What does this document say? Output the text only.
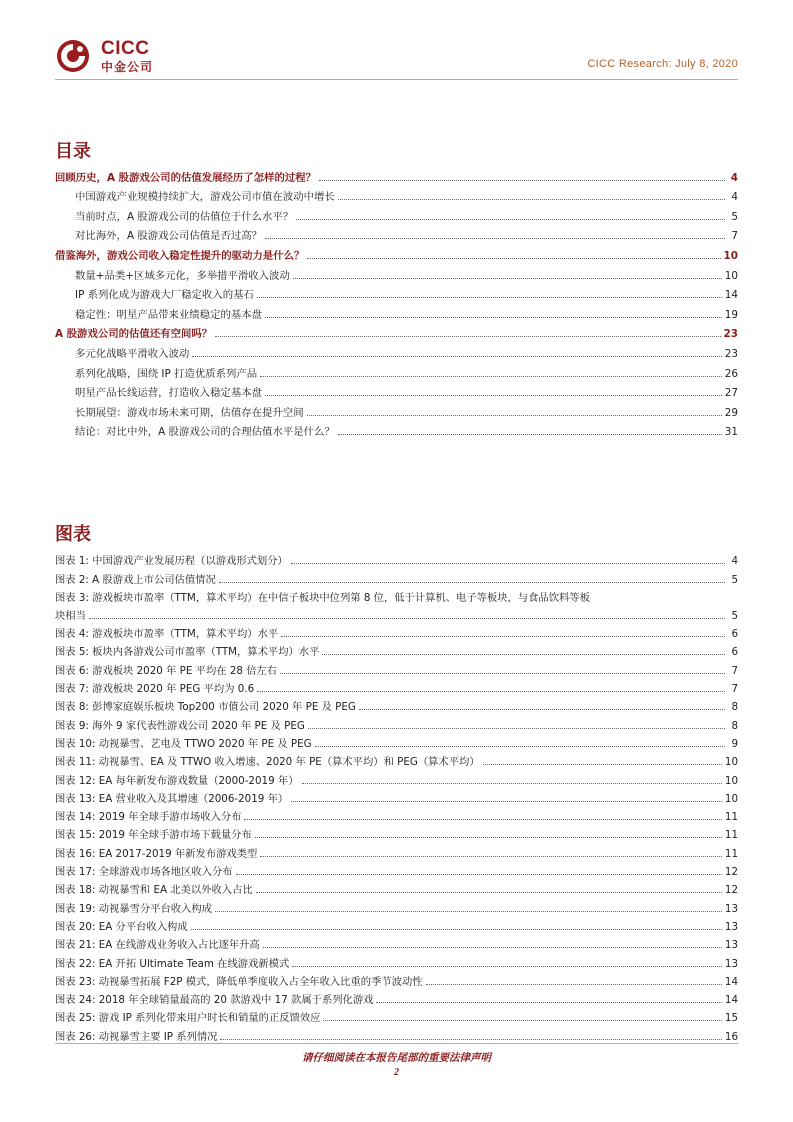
CICC
中金公司	CICC Research: July 8, 2020
目录
回顾历史，A 股游戏公司的估值发展经历了怎样的过程？	4
中国游戏产业规模持续扩大，游戏公司市值在波动中增长	4
当前时点，A 股游戏公司的估值位于什么水平？	5
对比海外，A 股游戏公司估值是否过高？	7
借鉴海外，游戏公司收入稳定性提升的驱动力是什么？	10
数量+品类+区域多元化，多举措平滑收入波动	10
IP 系列化成为游戏大厂稳定收入的基石	14
稳定性：明星产品带来业绩稳定的基本盘	19
A 股游戏公司的估值还有空间吗？	23
多元化战略平滑收入波动	23
系列化战略，围绕 IP 打造优质系列产品	26
明星产品长线运营，打造收入稳定基本盘	27
长期展望：游戏市场未来可期，估值存在提升空间	29
结论：对比中外，A 股游戏公司的合理估值水平是什么？	31
图表
图表 1: 中国游戏产业发展历程（以游戏形式划分）	4
图表 2: A 股游戏上市公司估值情况	5
图表 3: 游戏板块市盈率（TTM，算术平均）在中信子板块中位列第 8 位，低于计算机、电子等板块，与食品饮料等板
块相当	5
图表 4: 游戏板块市盈率（TTM，算术平均）水平	6
图表 5: 板块内各游戏公司市盈率（TTM，算术平均）水平	6
图表 6: 游戏板块 2020 年 PE 平均在 28 倍左右	7
图表 7: 游戏板块 2020 年 PEG 平均为 0.6	7
图表 8: 彭博家庭娱乐板块 Top200 市值公司 2020 年 PE 及 PEG	8
图表 9: 海外 9 家代表性游戏公司 2020 年 PE 及 PEG	8
图表 10: 动视暴雪、艺电及 TTWO 2020 年 PE 及 PEG	9
图表 11: 动视暴雪、EA 及 TTWO 收入增速、2020 年 PE（算术平均）和 PEG（算术平均）	10
图表 12: EA 每年新发布游戏数量（2000-2019 年）	10
图表 13: EA 营业收入及其增速（2006-2019 年）	10
图表 14: 2019 年全球手游市场收入分布	11
图表 15: 2019 年全球手游市场下载量分布	11
图表 16: EA 2017-2019 年新发布游戏类型	11
图表 17: 全球游戏市场各地区收入分布	12
图表 18: 动视暴雪和 EA 北美以外收入占比	12
图表 19: 动视暴雪分平台收入构成	13
图表 20: EA 分平台收入构成	13
图表 21: EA 在线游戏业务收入占比逐年升高	13
图表 22: EA 开拓 Ultimate Team 在线游戏新模式	13
图表 23: 动视暴雪拓展 F2P 模式，降低单季度收入占全年收入比重的季节波动性	14
图表 24: 2018 年全球销量最高的 20 款游戏中 17 款属于系列化游戏	14
图表 25: 游戏 IP 系列化带来用户时长和销量的正反馈效应	15
图表 26: 动视暴雪主要 IP 系列情况	16
请仔细阅读在本报告尾部的重要法律声明
2
